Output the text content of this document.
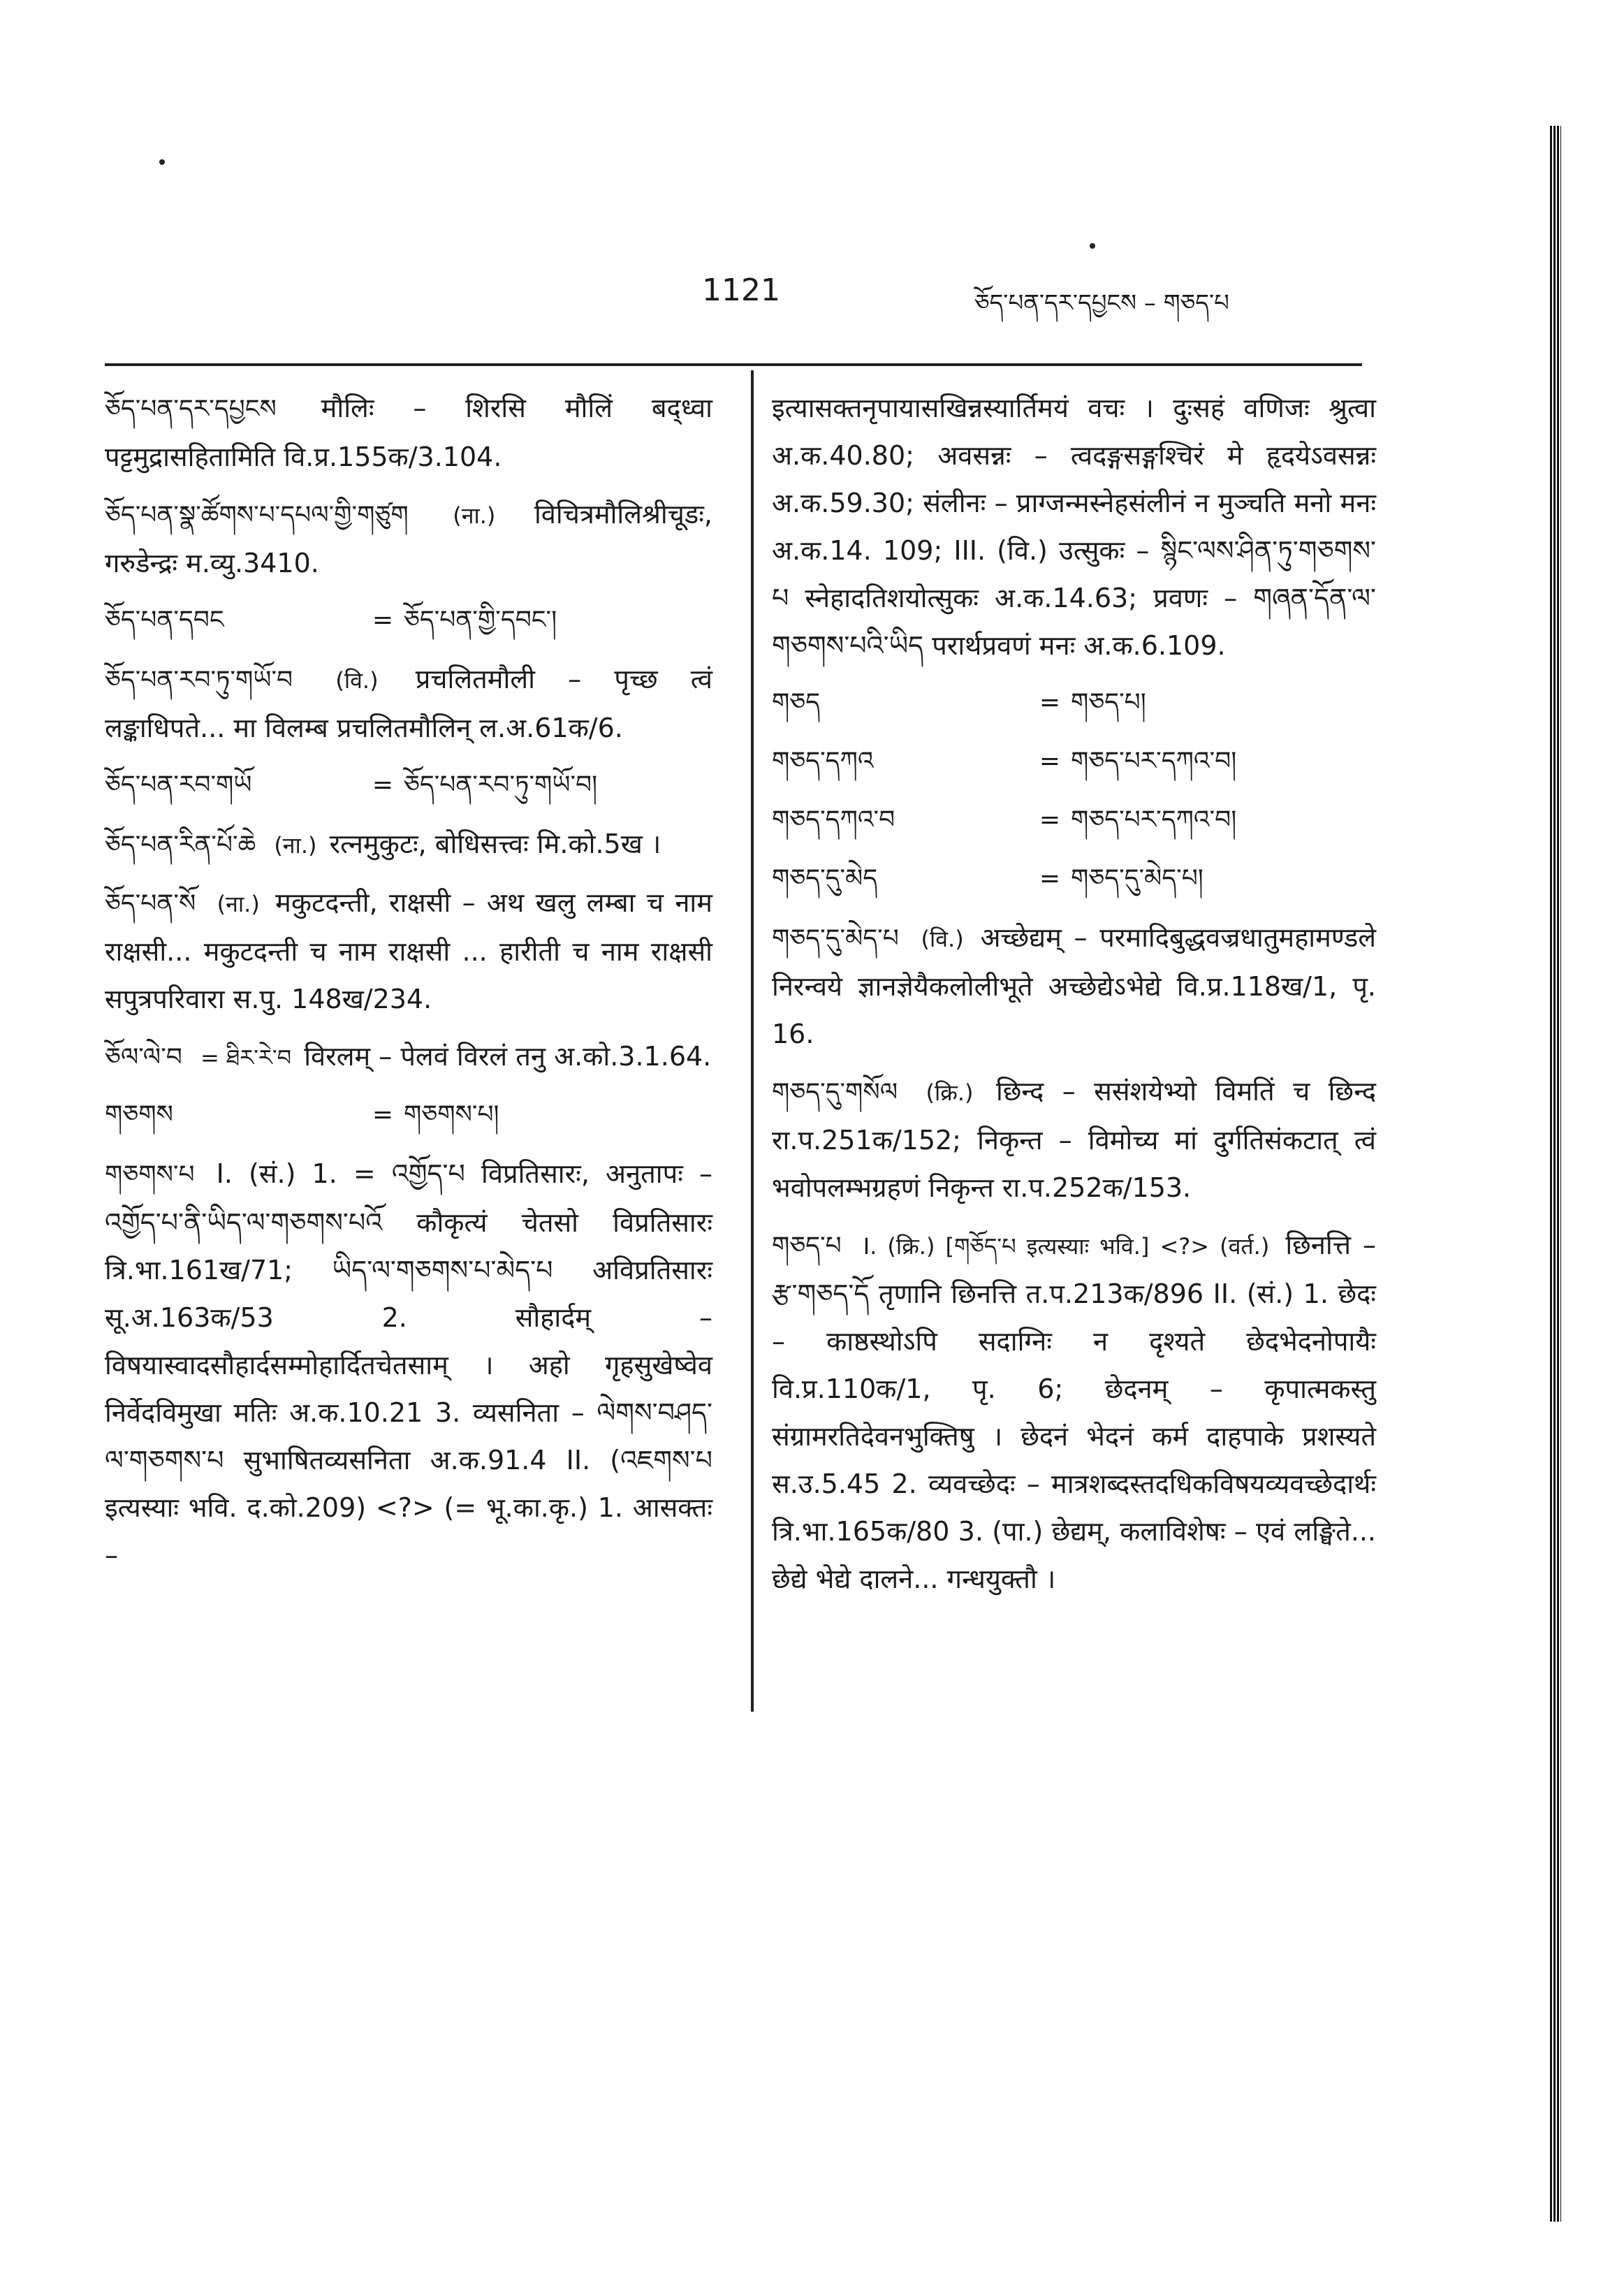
1121	ཅོད་པན་དར་དཔྱངས – གཅད་པ
ཅོད་པན་དར་དཔྱངས मौलिः – शिरसि मौलिं बद्ध्वा पट्टमुद्रासहितामिति वि.प्र.155क/3.104.
ཅོད་པན་སྣ་ཚོགས་པ་དཔལ་གྱི་གཙུག (ना.) विचित्रमौलिश्रीचूडः, गरुडेन्द्रः म.व्यु.3410.
ཅོད་པན་དབང	= ཅོད་པན་གྱི་དབང་།
ཅོད་པན་རབ་ཏུ་གཡོ་བ (वि.) प्रचलितमौली – पृच्छ त्वं लङ्काधिपते... मा विलम्ब प्रचलितमौलिन् ल.अ.61क/6.
ཅོད་པན་རབ་གཡོ	= ཅོད་པན་རབ་ཏུ་གཡོ་བ།
ཅོད་པན་རིན་པོ་ཆེ (ना.) रत्नमुकुटः, बोधिसत्त्वः मि.को.5ख ।
ཅོད་པན་སོ (ना.) मकुटदन्ती, राक्षसी – अथ खलु लम्बा च नाम राक्षसी... मकुटदन्ती च नाम राक्षसी ... हारीती च नाम राक्षसी सपुत्रपरिवारा स.पु. 148ख/234.
ཅོལ་ལེ་བ = ཐིར་རེ་བ विरलम् – पेलवं विरलं तनु अ.को.3.1.64.
གཅགས	= གཅགས་པ།
གཅགས་པ I. (सं.) 1. = འགྱོད་པ विप्रतिसारः, अनुतापः – འགྱོད་པ་ནི་ཡིད་ལ་གཅགས་པའོ कौकृत्यं चेतसो विप्रतिसारः त्रि.भा.161ख/71; ཡིད་ལ་གཅགས་པ་མེད་པ अविप्रतिसारः सू.अ.163क/53 2. सौहार्दम् – विषयास्वादसौहार्दसम्मोहार्दितचेतसाम् । अहो गृहसुखेष्वेव निर्वेदविमुखा मतिः अ.क.10.21 3. व्यसनिता – ལེགས་བཤད་ལ་གཅགས་པ सुभाषितव्यसनिता अ.क.91.4 II. (འཇགས་པ इत्यस्याः भवि. द.को.209) <?> (= भू.का.कृ.) 1. आसक्तः –
इत्यासक्तनृपायासखिन्नस्यार्तिमयं वचः । दुःसहं वणिजः श्रुत्वा अ.क.40.80; अवसन्नः – त्वदङ्गसङ्गश्चिरं मे हृदयेऽवसन्नः अ.क.59.30; संलीनः – प्राग्जन्मस्नेहसंलीनं न मुञ्चति मनो मनः अ.क.14. 109; III. (वि.) उत्सुकः – སྙིང་ལས་ཤིན་ཏུ་གཅགས་པ स्नेहादतिशयोत्सुकः अ.क.14.63; प्रवणः – གཞན་དོན་ལ་གཅགས་པའི་ཡིད परार्थप्रवणं मनः अ.क.6.109.
གཅད	= གཅད་པ།
གཅད་དཀའ	= གཅད་པར་དཀའ་བ།
གཅད་དཀའ་བ	= གཅད་པར་དཀའ་བ།
གཅད་དུ་མེད	= གཅད་དུ་མེད་པ།
གཅད་དུ་མེད་པ (वि.) अच्छेद्यम् – परमादिबुद्धवज्रधातुमहामण्डले निरन्वये ज्ञानज्ञेयैकलोलीभूते अच्छेद्येऽभेद्ये वि.प्र.118ख/1, पृ. 16.
གཅད་དུ་གསོལ (क्रि.) छिन्द – ससंशयेभ्यो विमतिं च छिन्द रा.प.251क/152; निकृन्त – विमोच्य मां दुर्गतिसंकटात् त्वं भवोपलम्भग्रहणं निकृन्त रा.प.252क/153.
གཅད་པ I. (क्रि.) [གཅོད་པ इत्यस्याः भवि.] <?> (वर्त.) छिनत्ति – རྩ་གཅད་དོ तृणानि छिनत्ति त.प.213क/896 II. (सं.) 1. छेदः – काष्ठस्थोऽपि सदाग्निः न दृश्यते छेदभेदनोपायैः वि.प्र.110क/1, पृ. 6; छेदनम् – कृपात्मकस्तु संग्रामरतिदेवनभुक्तिषु । छेदनं भेदनं कर्म दाहपाके प्रशस्यते स.उ.5.45 2. व्यवच्छेदः – मात्रशब्दस्तदधिकविषयव्यवच्छेदार्थः त्रि.भा.165क/80 3. (पा.) छेद्यम्, कलाविशेषः – एवं लङ्घिते... छेद्ये भेद्ये दालने... गन्धयुक्तौ ।
